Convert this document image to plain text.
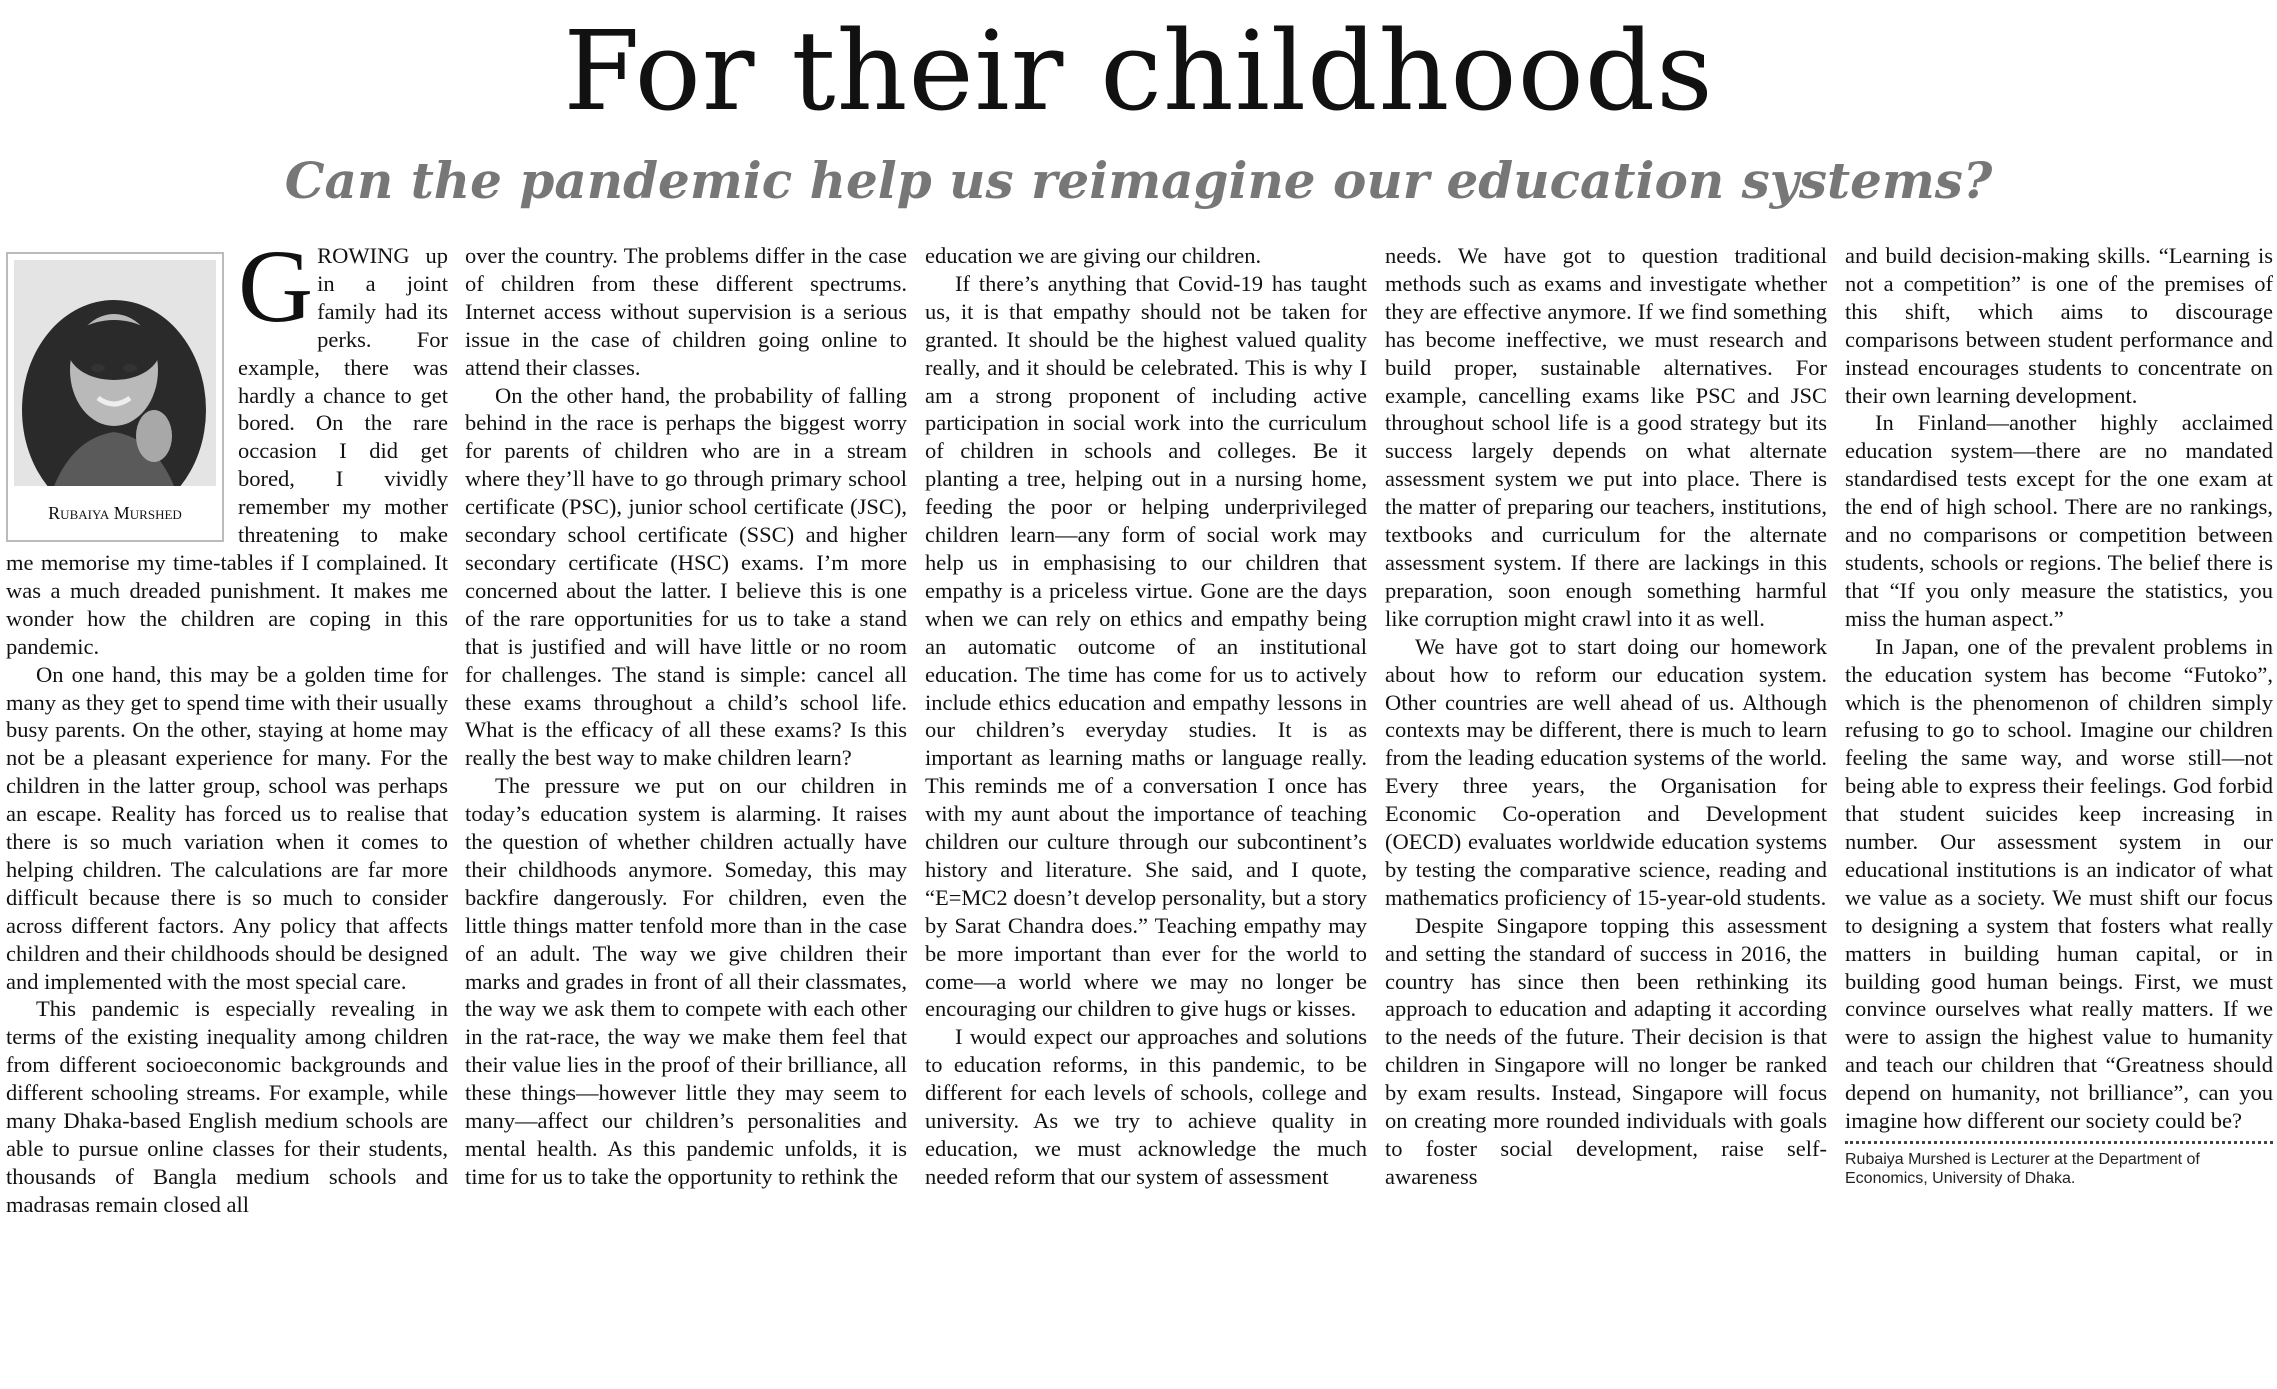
For their childhoods
Can the pandemic help us reimagine our education systems?
Rubaiya Murshed

GROWING up in a joint family had its perks. For example, there was hardly a chance to get bored. On the rare occasion I did get bored, I vividly remember my mother threatening to make me memorise my time-tables if I complained. It was a much dreaded punishment. It makes me wonder how the children are coping in this pandemic.

On one hand, this may be a golden time for many as they get to spend time with their usually busy parents. On the other, staying at home may not be a pleasant experience for many. For the children in the latter group, school was perhaps an escape. Reality has forced us to realise that there is so much variation when it comes to helping children. The calculations are far more difficult because there is so much to consider across different factors. Any policy that affects children and their childhoods should be designed and implemented with the most special care.

This pandemic is especially revealing in terms of the existing inequality among children from different socioeconomic backgrounds and different schooling streams. For example, while many Dhaka-based English medium schools are able to pursue online classes for their students, thousands of Bangla medium schools and madrasas remain closed all

over the country. The problems differ in the case of children from these different spectrums. Internet access without supervision is a serious issue in the case of children going online to attend their classes.

On the other hand, the probability of falling behind in the race is perhaps the biggest worry for parents of children who are in a stream where they’ll have to go through primary school certificate (PSC), junior school certificate (JSC), secondary school certificate (SSC) and higher secondary certificate (HSC) exams. I’m more concerned about the latter. I believe this is one of the rare opportunities for us to take a stand that is justified and will have little or no room for challenges. The stand is simple: cancel all these exams throughout a child’s school life. What is the efficacy of all these exams? Is this really the best way to make children learn?

The pressure we put on our children in today’s education system is alarming. It raises the question of whether children actually have their childhoods anymore. Someday, this may backfire dangerously. For children, even the little things matter tenfold more than in the case of an adult. The way we give children their marks and grades in front of all their classmates, the way we ask them to compete with each other in the rat-race, the way we make them feel that their value lies in the proof of their brilliance, all these things—however little they may seem to many—affect our children’s personalities and mental health. As this pandemic unfolds, it is time for us to take the opportunity to rethink the

education we are giving our children.

If there’s anything that Covid-19 has taught us, it is that empathy should not be taken for granted. It should be the highest valued quality really, and it should be celebrated. This is why I am a strong proponent of including active participation in social work into the curriculum of children in schools and colleges. Be it planting a tree, helping out in a nursing home, feeding the poor or helping underprivileged children learn—any form of social work may help us in emphasising to our children that empathy is a priceless virtue. Gone are the days when we can rely on ethics and empathy being an automatic outcome of an institutional education. The time has come for us to actively include ethics education and empathy lessons in our children’s everyday studies. It is as important as learning maths or language really. This reminds me of a conversation I once has with my aunt about the importance of teaching children our culture through our subcontinent’s history and literature. She said, and I quote, “E=MC2 doesn’t develop personality, but a story by Sarat Chandra does.” Teaching empathy may be more important than ever for the world to come—a world where we may no longer be encouraging our children to give hugs or kisses.

I would expect our approaches and solutions to education reforms, in this pandemic, to be different for each levels of schools, college and university. As we try to achieve quality in education, we must acknowledge the much needed reform that our system of assessment

needs. We have got to question traditional methods such as exams and investigate whether they are effective anymore. If we find something has become ineffective, we must research and build proper, sustainable alternatives. For example, cancelling exams like PSC and JSC throughout school life is a good strategy but its success largely depends on what alternate assessment system we put into place. There is the matter of preparing our teachers, institutions, textbooks and curriculum for the alternate assessment system. If there are lackings in this preparation, soon enough something harmful like corruption might crawl into it as well.

We have got to start doing our homework about how to reform our education system. Other countries are well ahead of us. Although contexts may be different, there is much to learn from the leading education systems of the world. Every three years, the Organisation for Economic Co-operation and Development (OECD) evaluates worldwide education systems by testing the comparative science, reading and mathematics proficiency of 15-year-old students.

Despite Singapore topping this assessment and setting the standard of success in 2016, the country has since then been rethinking its approach to education and adapting it according to the needs of the future. Their decision is that children in Singapore will no longer be ranked by exam results. Instead, Singapore will focus on creating more rounded individuals with goals to foster social development, raise self-awareness

and build decision-making skills. “Learning is not a competition” is one of the premises of this shift, which aims to discourage comparisons between student performance and instead encourages students to concentrate on their own learning development.

In Finland—another highly acclaimed education system—there are no mandated standardised tests except for the one exam at the end of high school. There are no rankings, and no comparisons or competition between students, schools or regions. The belief there is that “If you only measure the statistics, you miss the human aspect.”

In Japan, one of the prevalent problems in the education system has become “Futoko”, which is the phenomenon of children simply refusing to go to school. Imagine our children feeling the same way, and worse still—not being able to express their feelings. God forbid that student suicides keep increasing in number. Our assessment system in our educational institutions is an indicator of what we value as a society. We must shift our focus to designing a system that fosters what really matters in building human capital, or in building good human beings. First, we must convince ourselves what really matters. If we were to assign the highest value to humanity and teach our children that “Greatness should depend on humanity, not brilliance”, can you imagine how different our society could be?

Rubaiya Murshed is Lecturer at the Department of Economics, University of Dhaka.
